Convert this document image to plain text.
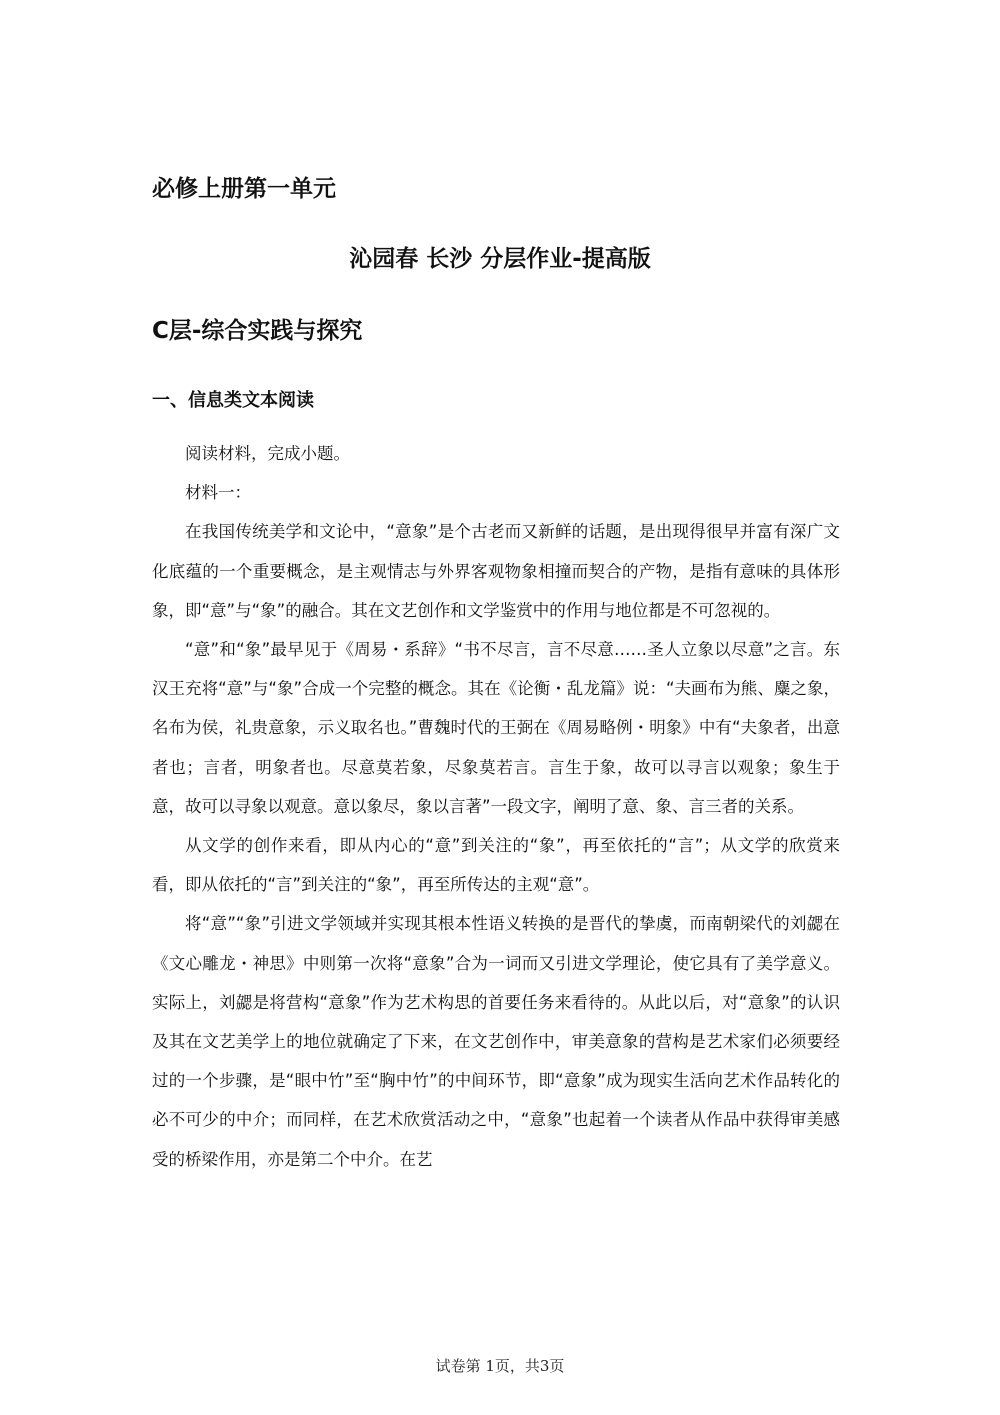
必修上册第一单元
沁园春 长沙 分层作业-提高版
C层-综合实践与探究
一、信息类文本阅读

阅读材料，完成小题。

材料一：

在我国传统美学和文论中，“意象”是个古老而又新鲜的话题，是出现得很早并富有深广文化底蕴的一个重要概念，是主观情志与外界客观物象相撞而契合的产物，是指有意味的具体形象，即“意”与“象”的融合。其在文艺创作和文学鉴赏中的作用与地位都是不可忽视的。

“意”和“象”最早见于《周易・系辞》“书不尽言，言不尽意……圣人立象以尽意”之言。东汉王充将“意”与“象”合成一个完整的概念。其在《论衡・乱龙篇》说：“夫画布为熊、麋之象，名布为侯，礼贵意象，示义取名也。”曹魏时代的王弼在《周易略例・明象》中有“夫象者，出意者也；言者，明象者也。尽意莫若象，尽象莫若言。言生于象，故可以寻言以观象；象生于意，故可以寻象以观意。意以象尽，象以言著”一段文字，阐明了意、象、言三者的关系。

从文学的创作来看，即从内心的“意”到关注的“象”，再至依托的“言”；从文学的欣赏来看，即从依托的“言”到关注的“象”，再至所传达的主观“意”。

将“意”“象”引进文学领域并实现其根本性语义转换的是晋代的挚虞，而南朝梁代的刘勰在《文心雕龙・神思》中则第一次将“意象”合为一词而又引进文学理论，使它具有了美学意义。实际上，刘勰是将营构“意象”作为艺术构思的首要任务来看待的。从此以后，对“意象”的认识及其在文艺美学上的地位就确定了下来，在文艺创作中，审美意象的营构是艺术家们必须要经过的一个步骤，是“眼中竹”至“胸中竹”的中间环节，即“意象”成为现实生活向艺术作品转化的必不可少的中介；而同样，在艺术欣赏活动之中，“意象”也起着一个读者从作品中获得审美感受的桥梁作用，亦是第二个中介。在艺

试卷第 1页，共3页
